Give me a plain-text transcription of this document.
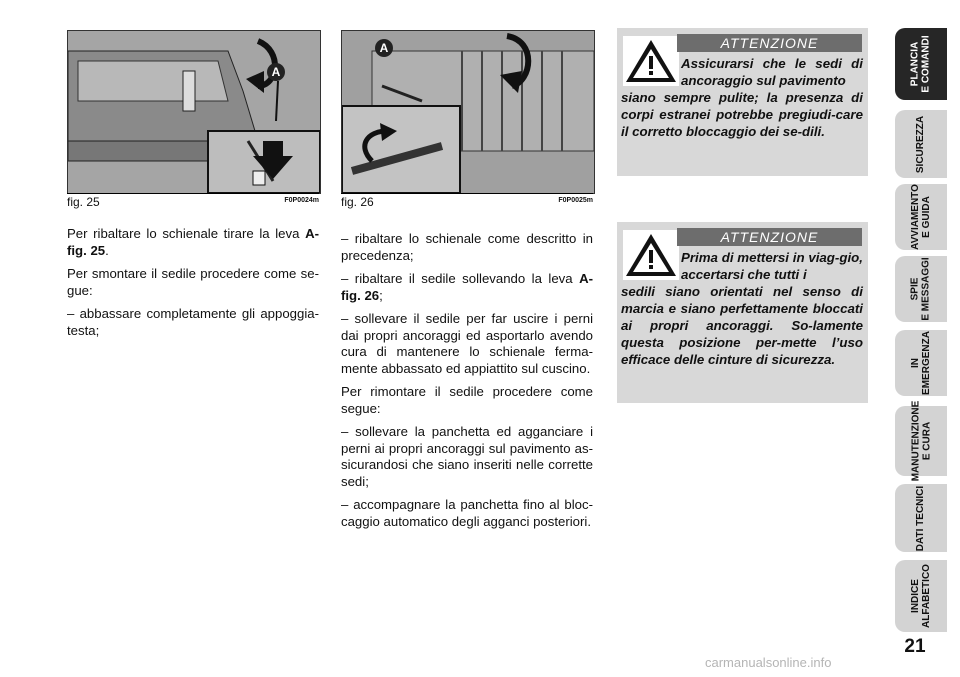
A
fig. 25	F0P0024m
A
fig. 26	F0P0025m

Per ribaltare lo schienale tirare la leva A-fig. 25.

Per smontare il sedile procedere come se-gue:

– abbassare completamente gli appoggia-testa;

– ribaltare lo schienale come descritto in precedenza;

– ribaltare il sedile sollevando la leva A-fig. 26;

– sollevare il sedile per far uscire i perni dai propri ancoraggi ed asportarlo avendo cura di mantenere lo schienale ferma-mente abbassato ed appiattito sul cuscino.

Per rimontare il sedile procedere come segue:

– sollevare la panchetta ed agganciare i perni ai propri ancoraggi sul pavimento as-sicurandosi che siano inseriti nelle corrette sedi;

– accompagnare la panchetta fino al bloc-caggio automatico degli agganci posteriori.

ATTENZIONE
Assicurarsi che le sedi di ancoraggio sul pavimento
siano sempre pulite; la presenza di corpi estranei potrebbe pregiudi-care il corretto bloccaggio dei se-dili.
ATTENZIONE
Prima di mettersi in viag-gio, accertarsi che tutti i
sedili siano orientati nel senso di marcia e siano perfettamente bloccati ai propri ancoraggi. So-lamente questa posizione per-mette l’uso efficace delle cinture di sicurezza.
PLANCIA
E COMANDI
SICUREZZA
AVVIAMENTO
E GUIDA
SPIE
E MESSAGGI
IN
EMERGENZA
MANUTENZIONE
E CURA
DATI TECNICI
INDICE
ALFABETICO
21
carmanualsonline.info
